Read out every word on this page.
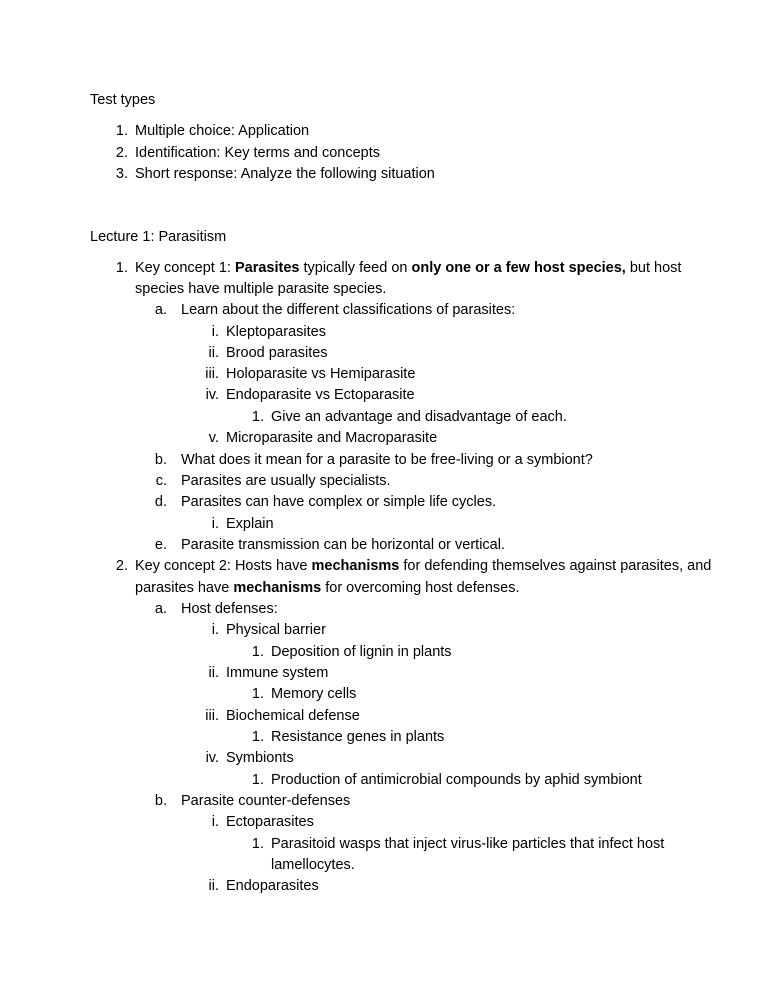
Test types
1. Multiple choice: Application
2. Identification: Key terms and concepts
3. Short response: Analyze the following situation
Lecture 1: Parasitism
1. Key concept 1: Parasites typically feed on only one or a few host species, but host
species have multiple parasite species.
a. Learn about the different classifications of parasites:
i. Kleptoparasites
ii. Brood parasites
iii. Holoparasite vs Hemiparasite
iv. Endoparasite vs Ectoparasite
1. Give an advantage and disadvantage of each.
v. Microparasite and Macroparasite
b. What does it mean for a parasite to be free-living or a symbiont?
c. Parasites are usually specialists.
d. Parasites can have complex or simple life cycles.
i. Explain
e. Parasite transmission can be horizontal or vertical.
2. Key concept 2: Hosts have mechanisms for defending themselves against parasites, and
parasites have mechanisms for overcoming host defenses.
a. Host defenses:
i. Physical barrier
1. Deposition of lignin in plants
ii. Immune system
1. Memory cells
iii. Biochemical defense
1. Resistance genes in plants
iv. Symbionts
1. Production of antimicrobial compounds by aphid symbiont
b. Parasite counter-defenses
i. Ectoparasites
1. Parasitoid wasps that inject virus-like particles that infect host
lamellocytes.
ii. Endoparasites
